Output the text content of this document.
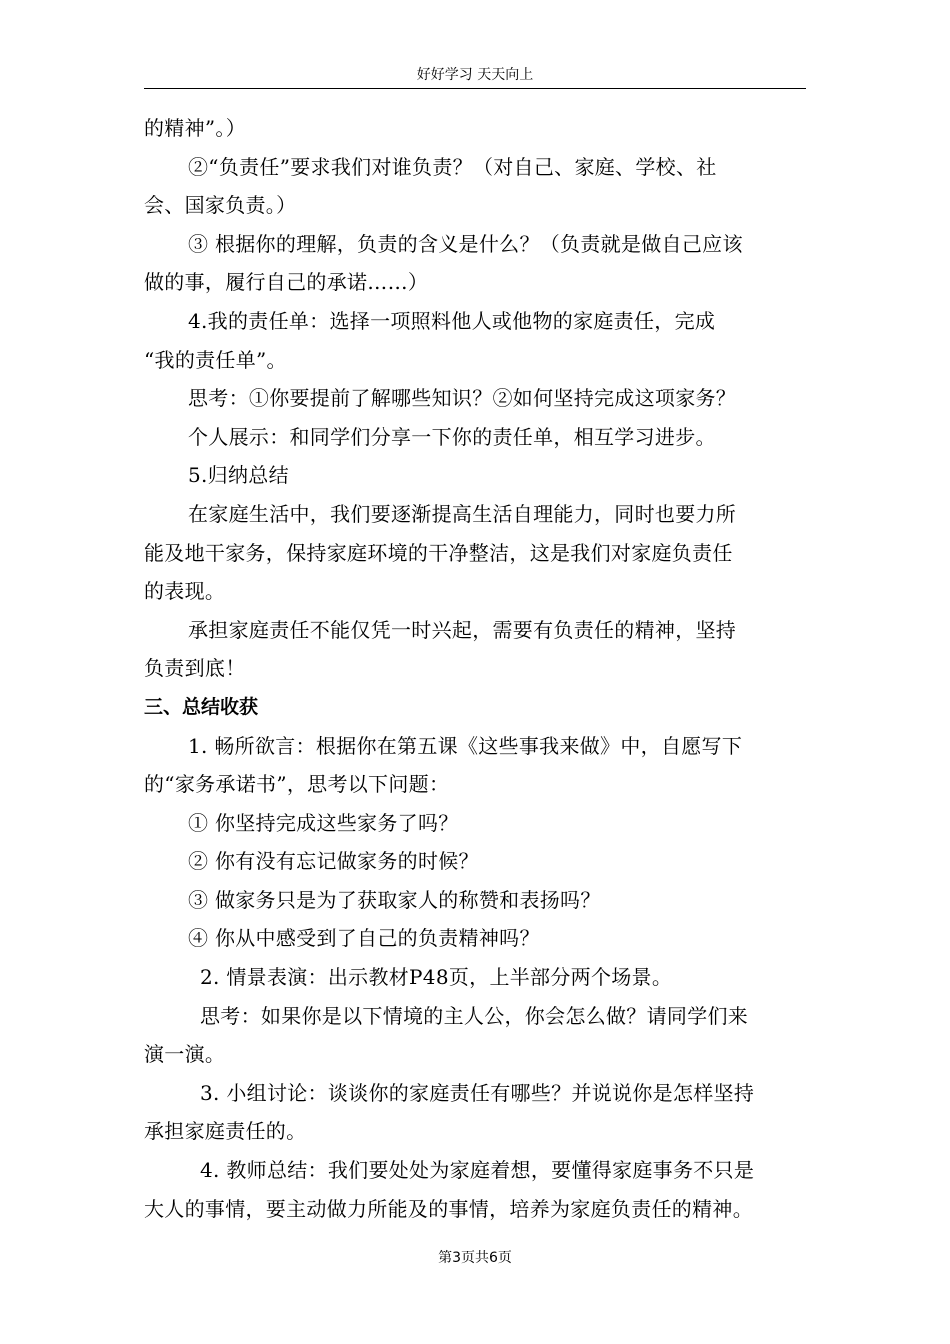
好好学习 天天向上

的精神”。）

②“负责任”要求我们对谁负责？（对自己、家庭、学校、社

会、国家负责。）

③ 根据你的理解，负责的含义是什么？（负责就是做自己应该

做的事，履行自己的承诺……）

4.我的责任单：选择一项照料他人或他物的家庭责任，完成

“我的责任单”。

思考：①你要提前了解哪些知识？②如何坚持完成这项家务？

个人展示：和同学们分享一下你的责任单，相互学习进步。

5.归纳总结

在家庭生活中，我们要逐渐提高生活自理能力，同时也要力所

能及地干家务，保持家庭环境的干净整洁，这是我们对家庭负责任

的表现。

承担家庭责任不能仅凭一时兴起，需要有负责任的精神，坚持

负责到底！

三、总结收获

1. 畅所欲言：根据你在第五课《这些事我来做》中，自愿写下

的“家务承诺书”，思考以下问题：

① 你坚持完成这些家务了吗？

② 你有没有忘记做家务的时候？

③ 做家务只是为了获取家人的称赞和表扬吗？

④ 你从中感受到了自己的负责精神吗？

2. 情景表演：出示教材P48页，上半部分两个场景。

思考：如果你是以下情境的主人公，你会怎么做？请同学们来

演一演。

3. 小组讨论：谈谈你的家庭责任有哪些？并说说你是怎样坚持

承担家庭责任的。

4. 教师总结：我们要处处为家庭着想，要懂得家庭事务不只是

大人的事情，要主动做力所能及的事情，培养为家庭负责任的精神。

第3页共6页
